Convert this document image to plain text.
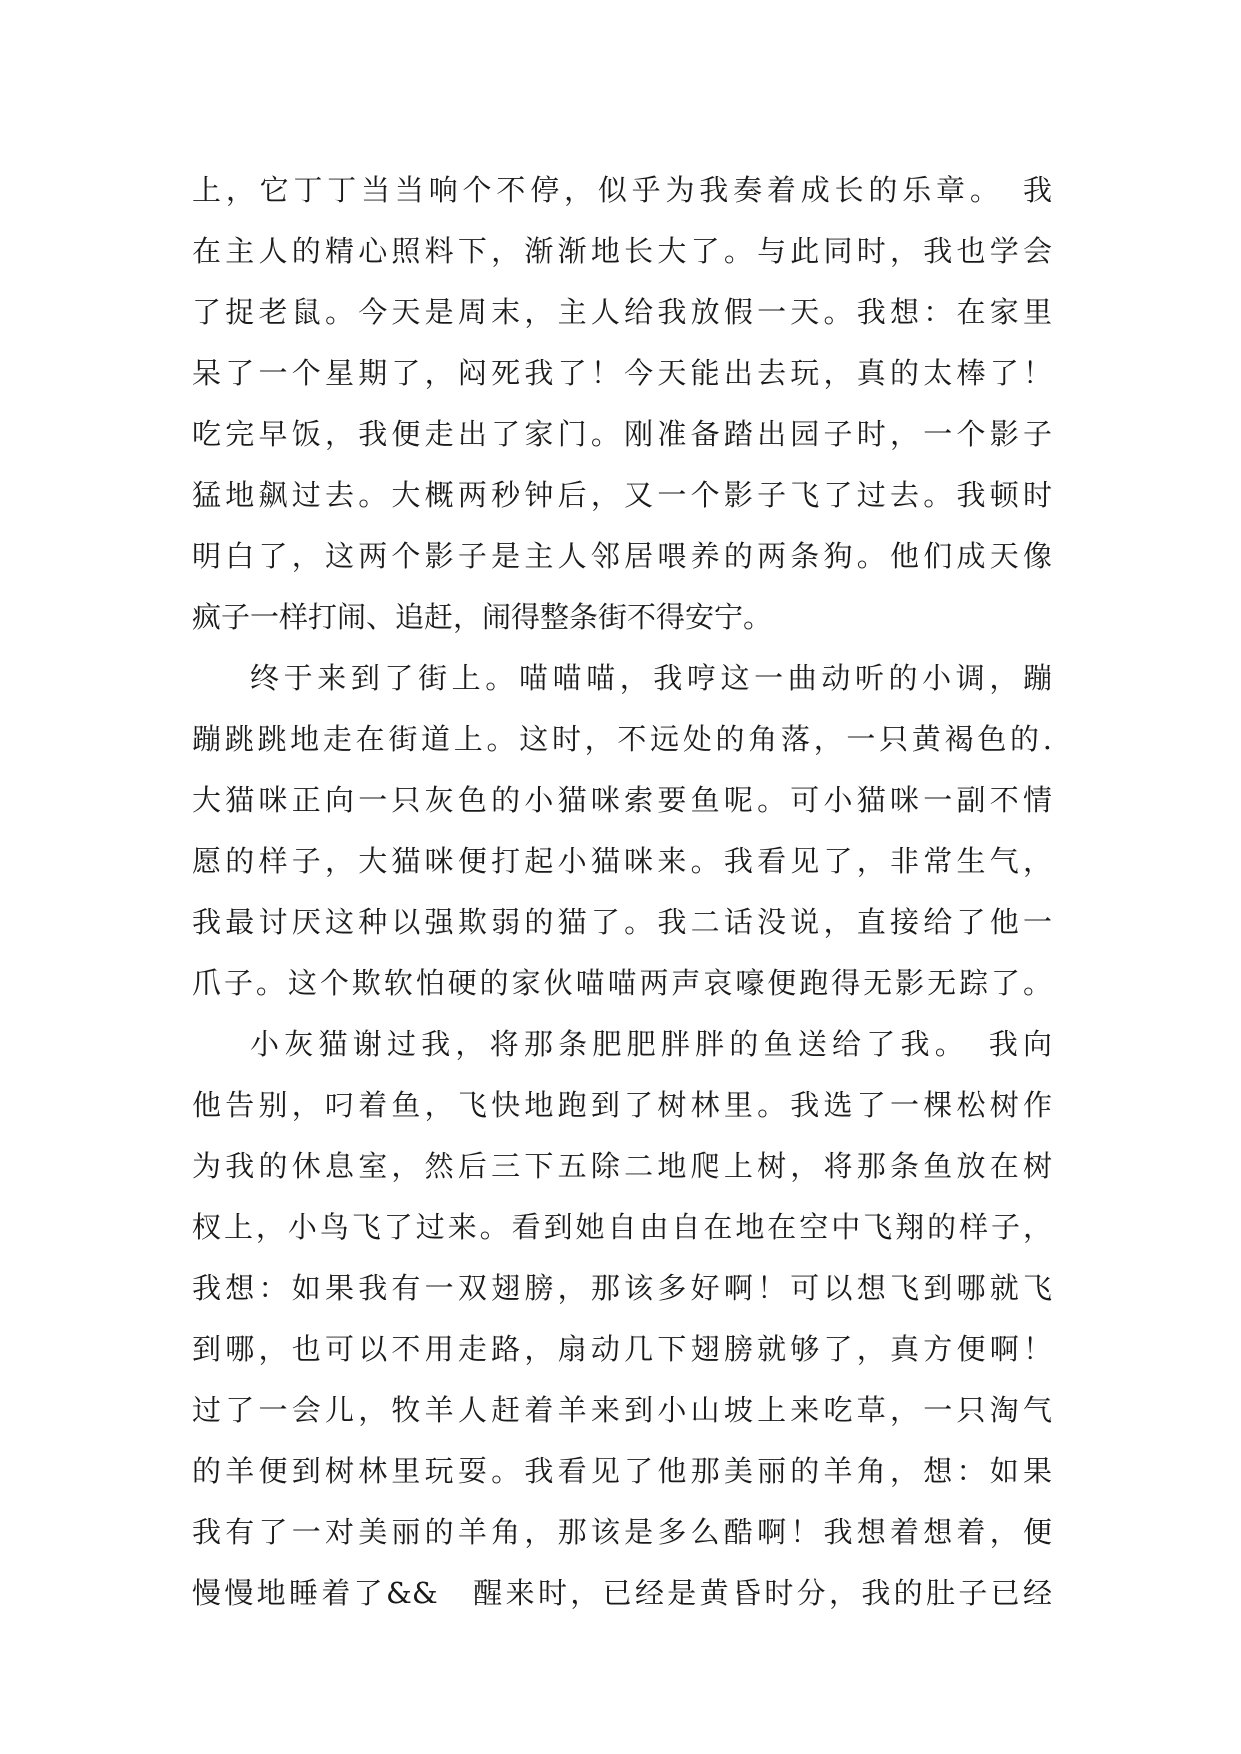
上，它丁丁当当响个不停，似乎为我奏着成长的乐章。　我
在主人的精心照料下，渐渐地长大了。与此同时，我也学会
了捉老鼠。今天是周末，主人给我放假一天。我想：在家里
呆了一个星期了，闷死我了！今天能出去玩，真的太棒了！
吃完早饭，我便走出了家门。刚准备踏出园子时，一个影子
猛地飙过去。大概两秒钟后，又一个影子飞了过去。我顿时
明白了，这两个影子是主人邻居喂养的两条狗。他们成天像
疯子一样打闹、追赶，闹得整条街不得安宁。
终于来到了街上。喵喵喵，我哼这一曲动听的小调，蹦
蹦跳跳地走在街道上。这时，不远处的角落，一只黄褐色的.
大猫咪正向一只灰色的小猫咪索要鱼呢。可小猫咪一副不情
愿的样子，大猫咪便打起小猫咪来。我看见了，非常生气，
我最讨厌这种以强欺弱的猫了。我二话没说，直接给了他一
爪子。这个欺软怕硬的家伙喵喵两声哀嚎便跑得无影无踪了。
小灰猫谢过我，将那条肥肥胖胖的鱼送给了我。　我向
他告别，叼着鱼，飞快地跑到了树林里。我选了一棵松树作
为我的休息室，然后三下五除二地爬上树，将那条鱼放在树
杈上，小鸟飞了过来。看到她自由自在地在空中飞翔的样子，
我想：如果我有一双翅膀，那该多好啊！可以想飞到哪就飞
到哪，也可以不用走路，扇动几下翅膀就够了，真方便啊！
过了一会儿，牧羊人赶着羊来到小山坡上来吃草，一只淘气
的羊便到树林里玩耍。我看见了他那美丽的羊角，想：如果
我有了一对美丽的羊角，那该是多么酷啊！我想着想着，便
慢慢地睡着了&&　醒来时，已经是黄昏时分，我的肚子已经
